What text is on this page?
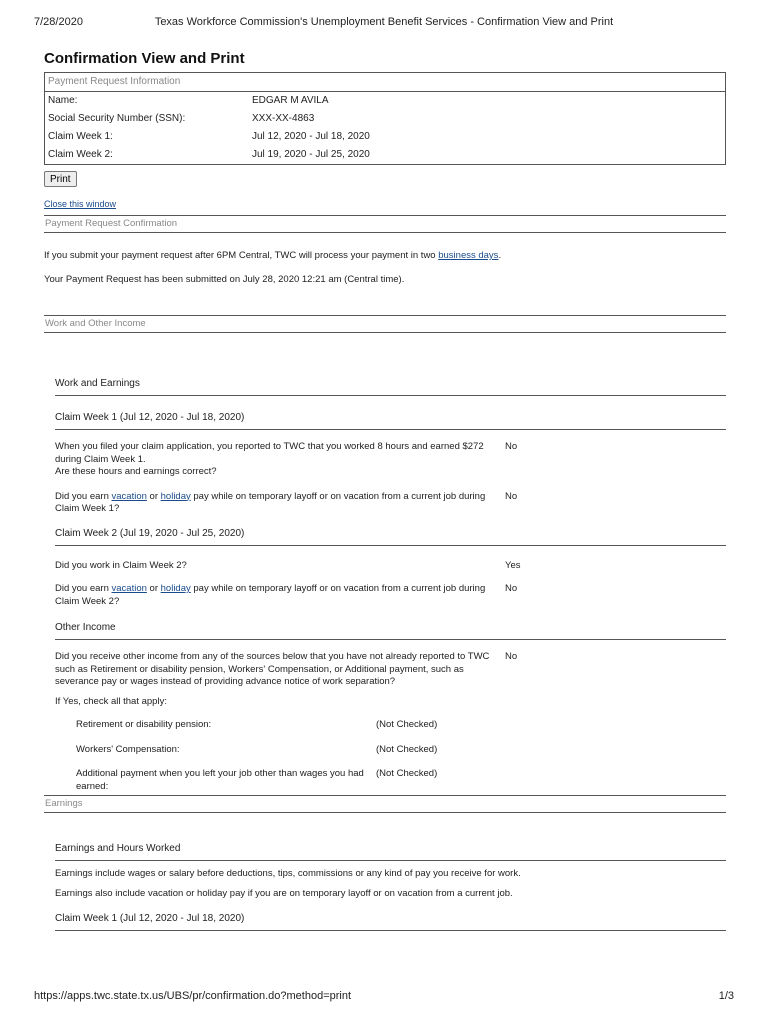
7/28/2020	Texas Workforce Commission's Unemployment Benefit Services - Confirmation View and Print
Confirmation View and Print
Payment Request Information
Name:	EDGAR M AVILA
Social Security Number (SSN):	XXX-XX-4863
Claim Week 1:	Jul 12, 2020 - Jul 18, 2020
Claim Week 2:	Jul 19, 2020 - Jul 25, 2020
Print
Close this window
Payment Request Confirmation

If you submit your payment request after 6PM Central, TWC will process your payment in two business days.

Your Payment Request has been submitted on July 28, 2020 12:21 am (Central time).

Work and Other Income
Work and Earnings
Claim Week 1 (Jul 12, 2020 - Jul 18, 2020)
When you filed your claim application, you reported to TWC that you worked 8 hours and earned $272
during Claim Week 1.
Are these hours and earnings correct?
No
Did you earn vacation or holiday pay while on temporary layoff or on vacation from a current job during
Claim Week 1?
No
Claim Week 2 (Jul 19, 2020 - Jul 25, 2020)
Did you work in Claim Week 2?	Yes
Did you earn vacation or holiday pay while on temporary layoff or on vacation from a current job during
Claim Week 2?
No
Other Income
Did you receive other income from any of the sources below that you have not already reported to TWC
such as Retirement or disability pension, Workers' Compensation, or Additional payment, such as
severance pay or wages instead of providing advance notice of work separation?
No
If Yes, check all that apply:
Retirement or disability pension:	(Not Checked)
Workers' Compensation:	(Not Checked)
Additional payment when you left your job other than wages you had
earned:
(Not Checked)
Earnings
Earnings and Hours Worked

Earnings include wages or salary before deductions, tips, commissions or any kind of pay you receive for work.

Earnings also include vacation or holiday pay if you are on temporary layoff or on vacation from a current job.

Claim Week 1 (Jul 12, 2020 - Jul 18, 2020)
https://apps.twc.state.tx.us/UBS/pr/confirmation.do?method=print	1/3
